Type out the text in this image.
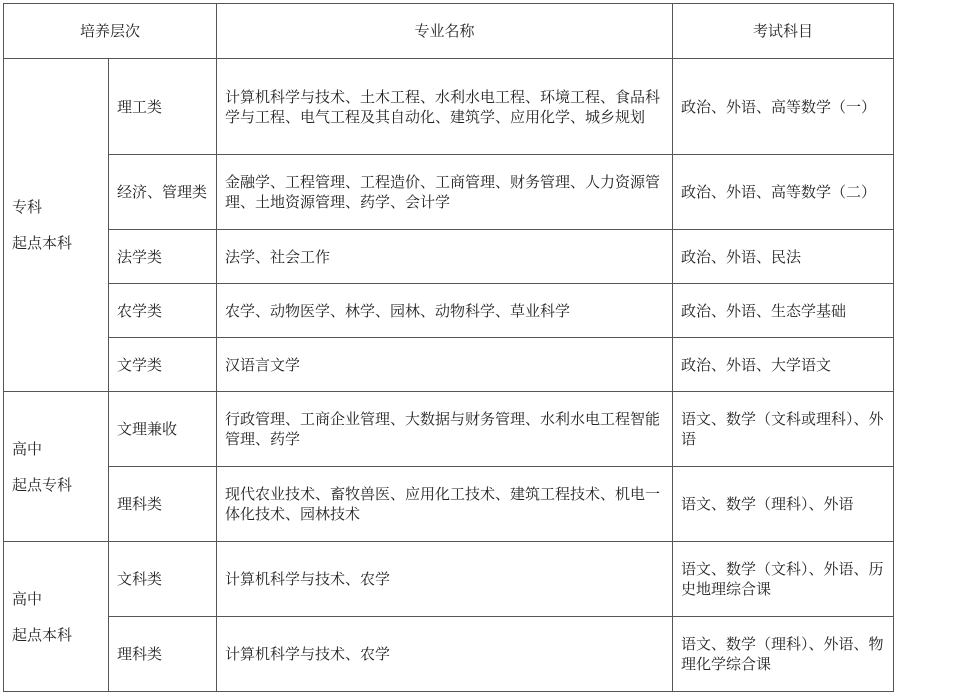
培养层次		专业名称	考试科目

专科
起点本科	理工类	计算机科学与技术、土木工程、水利水电工程、环境工程、食品科学与工程、电气工程及其自动化、建筑学、应用化学、城乡规划	政治、外语、高等数学（一）
	经济、管理类	金融学、工程管理、工程造价、工商管理、财务管理、人力资源管理、土地资源管理、药学、会计学	政治、外语、高等数学（二）
	法学类	法学、社会工作	政治、外语、民法
	农学类	农学、动物医学、林学、园林、动物科学、草业科学	政治、外语、生态学基础
	文学类	汉语言文学	政治、外语、大学语文

高中
起点专科	文理兼收	行政管理、工商企业管理、大数据与财务管理、水利水电工程智能管理、药学	语文、数学（文科或理科）、外语
	理科类	现代农业技术、畜牧兽医、应用化工技术、建筑工程技术、机电一体化技术、园林技术	语文、数学（理科）、外语

高中
起点本科	文科类	计算机科学与技术、农学	语文、数学（文科）、外语、历史地理综合课
	理科类	计算机科学与技术、农学	语文、数学（理科）、外语、物理化学综合课
